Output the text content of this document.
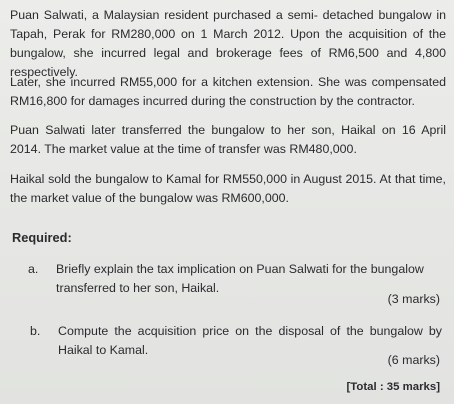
Puan Salwati, a Malaysian resident purchased a semi- detached bungalow in Tapah, Perak for RM280,000 on 1 March 2012. Upon the acquisition of the bungalow, she incurred legal and brokerage fees of RM6,500 and 4,800 respectively.

Later, she incurred RM55,000 for a kitchen extension. She was compensated RM16,800 for damages incurred during the construction by the contractor.

Puan Salwati later transferred the bungalow to her son, Haikal on 16 April 2014. The market value at the time of transfer was RM480,000.

Haikal sold the bungalow to Kamal for RM550,000 in August 2015. At that time, the market value of the bungalow was RM600,000.

Required:

a. Briefly explain the tax implication on Puan Salwati for the bungalow transferred to her son, Haikal.

(3 marks)
b. Compute the acquisition price on the disposal of the bungalow by Haikal to Kamal.

(6 marks)
[Total : 35 marks]
